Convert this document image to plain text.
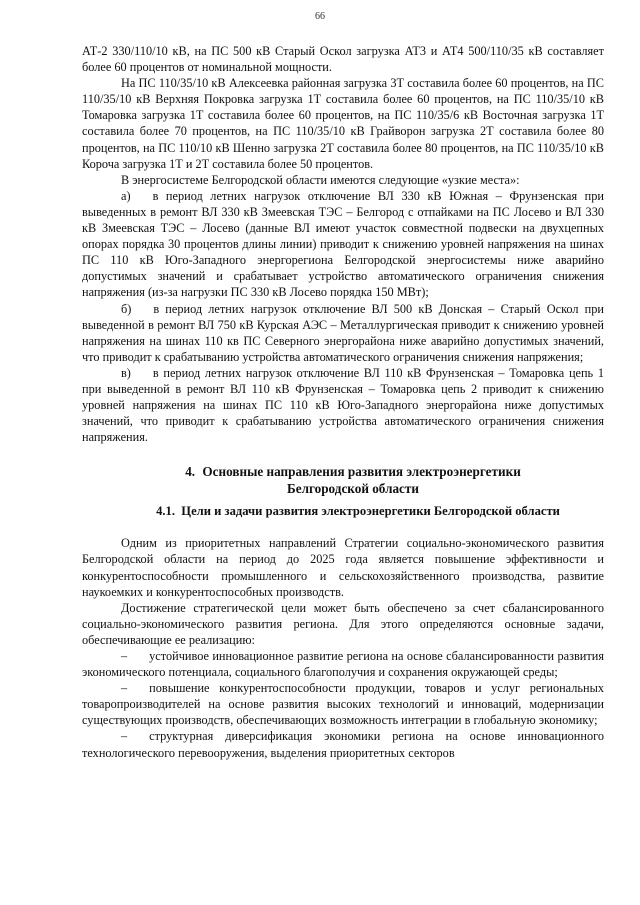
66

АТ-2 330/110/10 кВ, на ПС 500 кВ Старый Оскол загрузка АТ3 и АТ4 500/110/35 кВ составляет более 60 процентов от номинальной мощности.

На ПС 110/35/10 кВ Алексеевка районная загрузка 3Т составила более 60 процентов, на ПС 110/35/10 кВ Верхняя Покровка загрузка 1Т составила более 60 процентов, на ПС 110/35/10 кВ Томаровка загрузка 1Т составила более 60 процентов, на ПС 110/35/6 кВ Восточная загрузка 1Т составила более 70 процентов, на ПС 110/35/10 кВ Грайворон загрузка 2Т составила более 80 процентов, на ПС 110/10 кВ Шенно загрузка 2Т составила более 80 процентов, на ПС 110/35/10 кВ Короча загрузка 1Т и 2Т составила более 50 процентов.

В энергосистеме Белгородской области имеются следующие «узкие места»:

а) в период летних нагрузок отключение ВЛ 330 кВ Южная – Фрунзенская при выведенных в ремонт ВЛ 330 кВ Змеевская ТЭС – Белгород с отпайками на ПС Лосево и ВЛ 330 кВ Змеевская ТЭС – Лосево (данные ВЛ имеют участок совместной подвески на двухцепных опорах порядка 30 процентов длины линии) приводит к снижению уровней напряжения на шинах ПС 110 кВ Юго-Западного энергорегиона Белгородской энергосистемы ниже аварийно допустимых значений и срабатывает устройство автоматического ограничения снижения напряжения (из-за нагрузки ПС 330 кВ Лосево порядка 150 МВт);

б) в период летних нагрузок отключение ВЛ 500 кВ Донская – Старый Оскол при выведенной в ремонт ВЛ 750 кВ Курская АЭС – Металлургическая приводит к снижению уровней напряжения на шинах 110 кв ПС Северного энергорайона ниже аварийно допустимых значений, что приводит к срабатыванию устройства автоматического ограничения снижения напряжения;

в) в период летних нагрузок отключение ВЛ 110 кВ Фрунзенская – Томаровка цепь 1 при выведенной в ремонт ВЛ 110 кВ Фрунзенская – Томаровка цепь 2 приводит к снижению уровней напряжения на шинах ПС 110 кВ Юго-Западного энергорайона ниже допустимых значений, что приводит к срабатыванию устройства автоматического ограничения снижения напряжения.

4. Основные направления развития электроэнергетики
Белгородской области

4.1. Цели и задачи развития электроэнергетики Белгородской области

Одним из приоритетных направлений Стратегии социально-экономического развития Белгородской области на период до 2025 года является повышение эффективности и конкурентоспособности промышленного и сельскохозяйственного производства, развитие наукоемких и конкурентоспособных производств.

Достижение стратегической цели может быть обеспечено за счет сбалансированного социально-экономического развития региона. Для этого определяются основные задачи, обеспечивающие ее реализацию:

– устойчивое инновационное развитие региона на основе сбалансированности развития экономического потенциала, социального благополучия и сохранения окружающей среды;

– повышение конкурентоспособности продукции, товаров и услуг региональных товаропроизводителей на основе развития высоких технологий и инноваций, модернизации существующих производств, обеспечивающих возможность интеграции в глобальную экономику;

– структурная диверсификация экономики региона на основе инновационного технологического перевооружения, выделения приоритетных секторов
